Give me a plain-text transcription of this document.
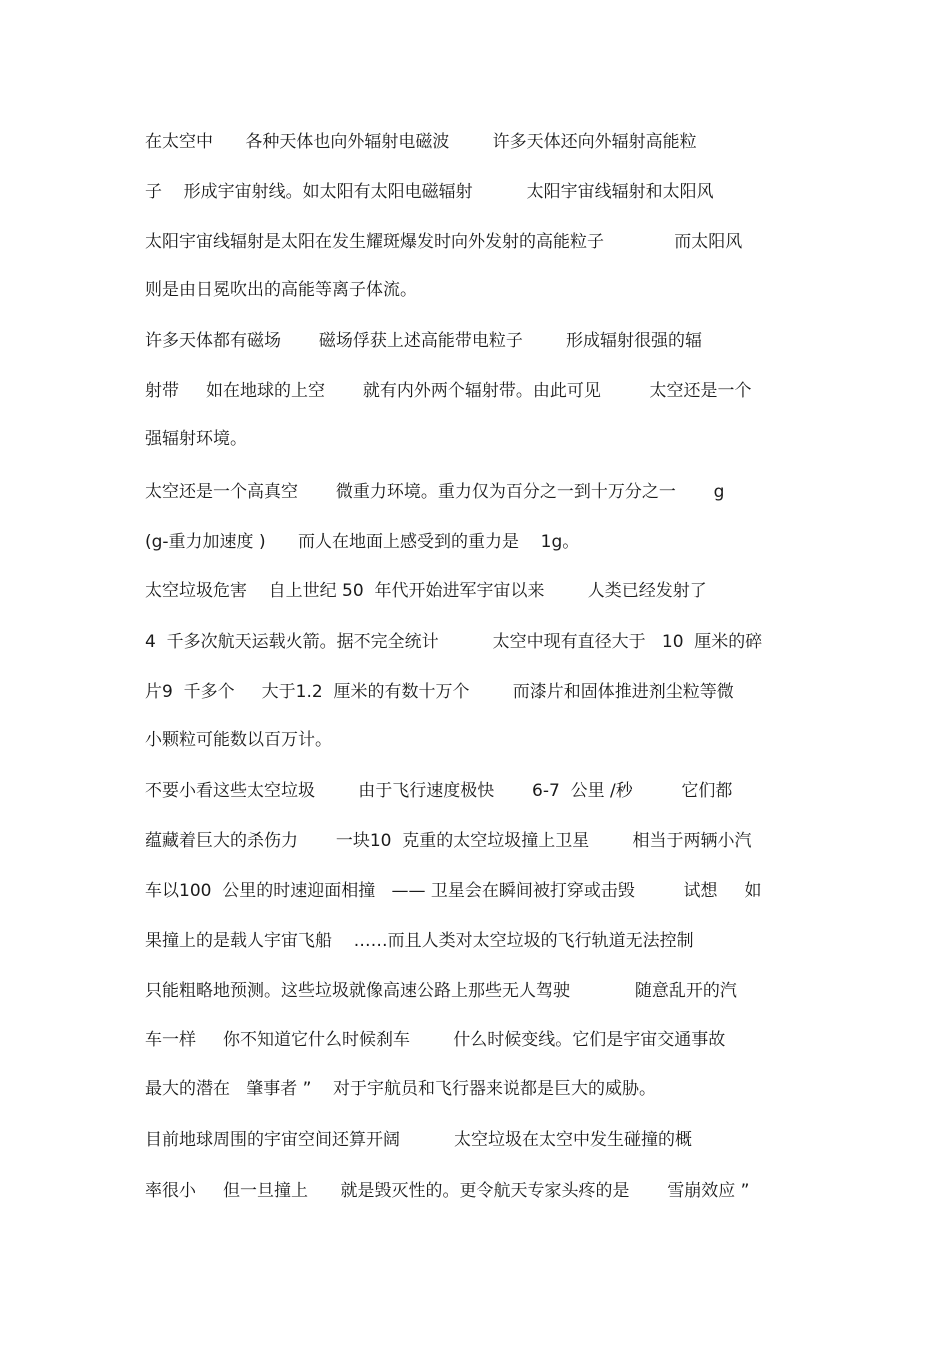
在太空中      各种天体也向外辐射电磁波        许多天体还向外辐射高能粒
子    形成宇宙射线。如太阳有太阳电磁辐射          太阳宇宙线辐射和太阳风
太阳宇宙线辐射是太阳在发生耀斑爆发时向外发射的高能粒子             而太阳风
则是由日冕吹出的高能等离子体流。
许多天体都有磁场       磁场俘获上述高能带电粒子        形成辐射很强的辐
射带     如在地球的上空       就有内外两个辐射带。由此可见         太空还是一个
强辐射环境。
太空还是一个高真空       微重力环境。重力仅为百分之一到十万分之一       g
(g-重力加速度 )      而人在地面上感受到的重力是    1g。
太空垃圾危害    自上世纪 50  年代开始进军宇宙以来        人类已经发射了
4  千多次航天运载火箭。据不完全统计          太空中现有直径大于   10  厘米的碎
片9  千多个     大于1.2  厘米的有数十万个        而漆片和固体推进剂尘粒等微
小颗粒可能数以百万计。
不要小看这些太空垃圾        由于飞行速度极快       6-7  公里 /秒         它们都
蕴藏着巨大的杀伤力       一块10  克重的太空垃圾撞上卫星        相当于两辆小汽
车以100  公里的时速迎面相撞   —— 卫星会在瞬间被打穿或击毁         试想     如
果撞上的是载人宇宙飞船    ……而且人类对太空垃圾的飞行轨道无法控制
只能粗略地预测。这些垃圾就像高速公路上那些无人驾驶            随意乱开的汽
车一样     你不知道它什么时候刹车        什么时候变线。它们是宇宙交通事故
最大的潜在   肇事者 ”    对于宇航员和飞行器来说都是巨大的威胁。
目前地球周围的宇宙空间还算开阔          太空垃圾在太空中发生碰撞的概
率很小     但一旦撞上      就是毁灭性的。更令航天专家头疼的是       雪崩效应 ”
